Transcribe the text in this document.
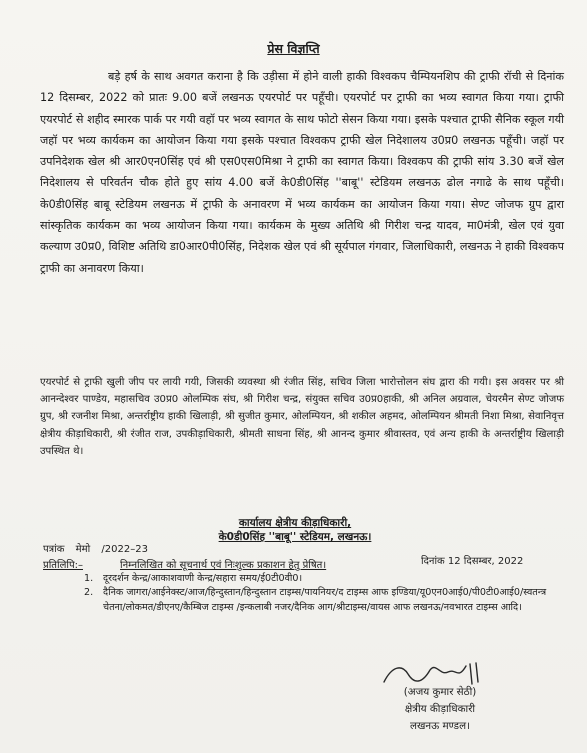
प्रेस विज्ञप्ति
बड़े हर्ष के साथ अवगत कराना है कि उड़ीसा में होने वाली हाकी विश्वकप चैम्पियनशिप की ट्राफी रॉची से दिनांक 12 दिसम्बर, 2022 को प्रातः 9.00 बजें लखनऊ एयरपोर्ट पर पहूँची। एयरपोर्ट पर ट्राफी का भव्य स्वागत किया गया। ट्राफी एयरपोर्ट से शहीद स्मारक पार्क पर गयी वहॉ पर भव्य स्वागत के साथ फोटो सेसन किया गया। इसके पश्चात ट्राफी सैनिक स्कूल गयी जहॉ पर भव्य कार्यकम का आयोजन किया गया इसके पश्चात विश्वकप ट्राफी खेल निदेशालय उ0प्र0 लखनऊ पहूँची। जहॉ पर उपनिदेशक खेल श्री आर0एन0सिंह एवं श्री एस0एस0मिश्रा ने ट्राफी का स्वागत किया। विश्वकप की ट्राफी सांय 3.30 बजें खेल निदेशालय से परिवर्तन चौक होते हुए सांय 4.00 बजें के0डी0सिंह ''बाबू'' स्टेडियम लखनऊ ढोल नगाढे के साथ पहूँची। के0डी0सिंह बाबू स्टेडियम लखनऊ में ट्राफी के अनावरण में भव्य कार्यकम का आयोजन किया गया। सेण्ट जोजफ ग्रुप द्वारा सांस्कृतिक कार्यकम का भव्य आयोजन किया गया। कार्यकम के मुख्य अतिथि श्री गिरीश चन्द्र यादव, मा0मंत्री, खेल एवं युवा कल्याण उ0प्र0, विशिष्ट अतिथि डा0आर0पी0सिंह, निदेशक खेल एवं श्री सूर्यपाल गंगवार, जिलाधिकारी, लखनऊ ने हाकी विश्वकप ट्राफी का अनावरण किया।
एयरपोर्ट से ट्राफी खुली जीप पर लायी गयी, जिसकी व्यवस्था श्री रंजीत सिंह, सचिव जिला भारोत्तोलन संघ द्वारा की गयी। इस अवसर पर श्री आनन्देश्वर पाण्डेय, महासचिव उ0प्र0 ओलम्पिक संघ, श्री गिरीश चन्द्र, संयुक्त सचिव उ0प्र0हाकी, श्री अनिल अग्रवाल, चेयरमैन सेण्ट जोजफ ग्रुप, श्री रजनीश मिश्रा, अन्तर्राष्ट्रीय हाकी खिलाड़ी, श्री सुजीत कुमार, ओलम्पियन, श्री शकील अहमद, ओलम्पियन श्रीमती निशा मिश्रा, सेवानिवृत्त क्षेत्रीय कीड़ाधिकारी, श्री रंजीत राज, उपकीड़ाधिकारी, श्रीमती साधना सिंह, श्री आनन्द कुमार श्रीवास्तव, एवं अन्य हाकी के अन्तर्राष्ट्रीय खिलाड़ी उपस्थित थे।
कार्यालय क्षेत्रीय कीड़ाधिकारी,
के0डी0सिंह ''बाबू'' स्टेडियम, लखनऊ।
पत्रांक मेमो /2022–23
दिनांक 12 दिसम्बर, 2022
प्रतिलिपि:–	निम्नलिखित को सूचनार्थ एवं निःशुल्क प्रकाशन हेतु प्रेषित।
1.	दूरदर्शन केन्द्र/आकाशवाणी केन्द्र/सहारा समय/ई0टी0वी0।
2.	दैनिक जागरा/आईनेक्स्ट/आज/हिन्दुस्तान/हिन्दुस्तान टाइम्स/पायनियर/द टाइम्स आफ इण्डिया/यू0एन0आई0/पी0टी0आई0/स्वतन्त्र चेतना/लोकमत/डीएनए/कैम्बिज टाइम्स /इन्कलाबी नजर/दैनिक आग/श्रीटाइम्स/वायस आफ लखनऊ/नवभारत टाइम्स आदि।
(अजय कुमार सेठी)
क्षेत्रीय कीड़ाधिकारी
लखनऊ मण्डल।
